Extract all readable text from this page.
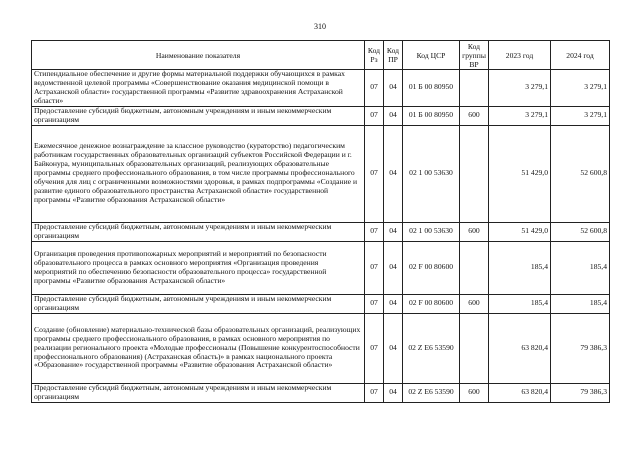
310
Наименование показателя	Код Рз	Код ПР	Код ЦСР	Код группы ВР	2023 год	2024 год
Стипендиальное обеспечение и другие формы материальной поддержки обучающихся в рамках ведомственной целевой программы «Совершенствование оказания медицинской помощи в Астраханской области» государственной программы «Развитие здравоохранения Астраханской области»	07	04	01 Б 00 80950		3 279,1	3 279,1
Предоставление субсидий бюджетным, автономным учреждениям и иным некоммерческим организациям	07	04	01 Б 00 80950	600	3 279,1	3 279,1
Ежемесячное денежное вознаграждение за классное руководство (кураторство) педагогическим работникам государственных образовательных организаций субъектов Российской Федерации и г. Байконура, муниципальных образовательных организаций, реализующих образовательные программы среднего профессионального образования, в том числе программы профессионального обучения для лиц с ограниченными возможностями здоровья, в рамках подпрограммы «Создание и развитие единого образовательного пространства Астраханской области» государственной программы «Развитие образования Астраханской области»	07	04	02 1 00 53630		51 429,0	52 600,8
Предоставление субсидий бюджетным, автономным учреждениям и иным некоммерческим организациям	07	04	02 1 00 53630	600	51 429,0	52 600,8
Организация проведения противопожарных мероприятий и мероприятий по безопасности образовательного процесса в рамках основного мероприятия «Организация проведения мероприятий по обеспечению безопасности образовательного процесса» государственной программы «Развитие образования Астраханской области»	07	04	02 F 00 80600		185,4	185,4
Предоставление субсидий бюджетным, автономным учреждениям и иным некоммерческим организациям	07	04	02 F 00 80600	600	185,4	185,4
Создание (обновление) материально-технической базы образовательных организаций, реализующих программы среднего профессионального образования, в рамках основного мероприятия по реализации регионального проекта «Молодые профессионалы (Повышение конкурентоспособности профессионального образования) (Астраханская область)» в рамках национального проекта «Образование» государственной программы «Развитие образования Астраханской области»	07	04	02 Z E6 53590		63 820,4	79 386,3
Предоставление субсидий бюджетным, автономным учреждениям и иным некоммерческим организациям	07	04	02 Z E6 53590	600	63 820,4	79 386,3
